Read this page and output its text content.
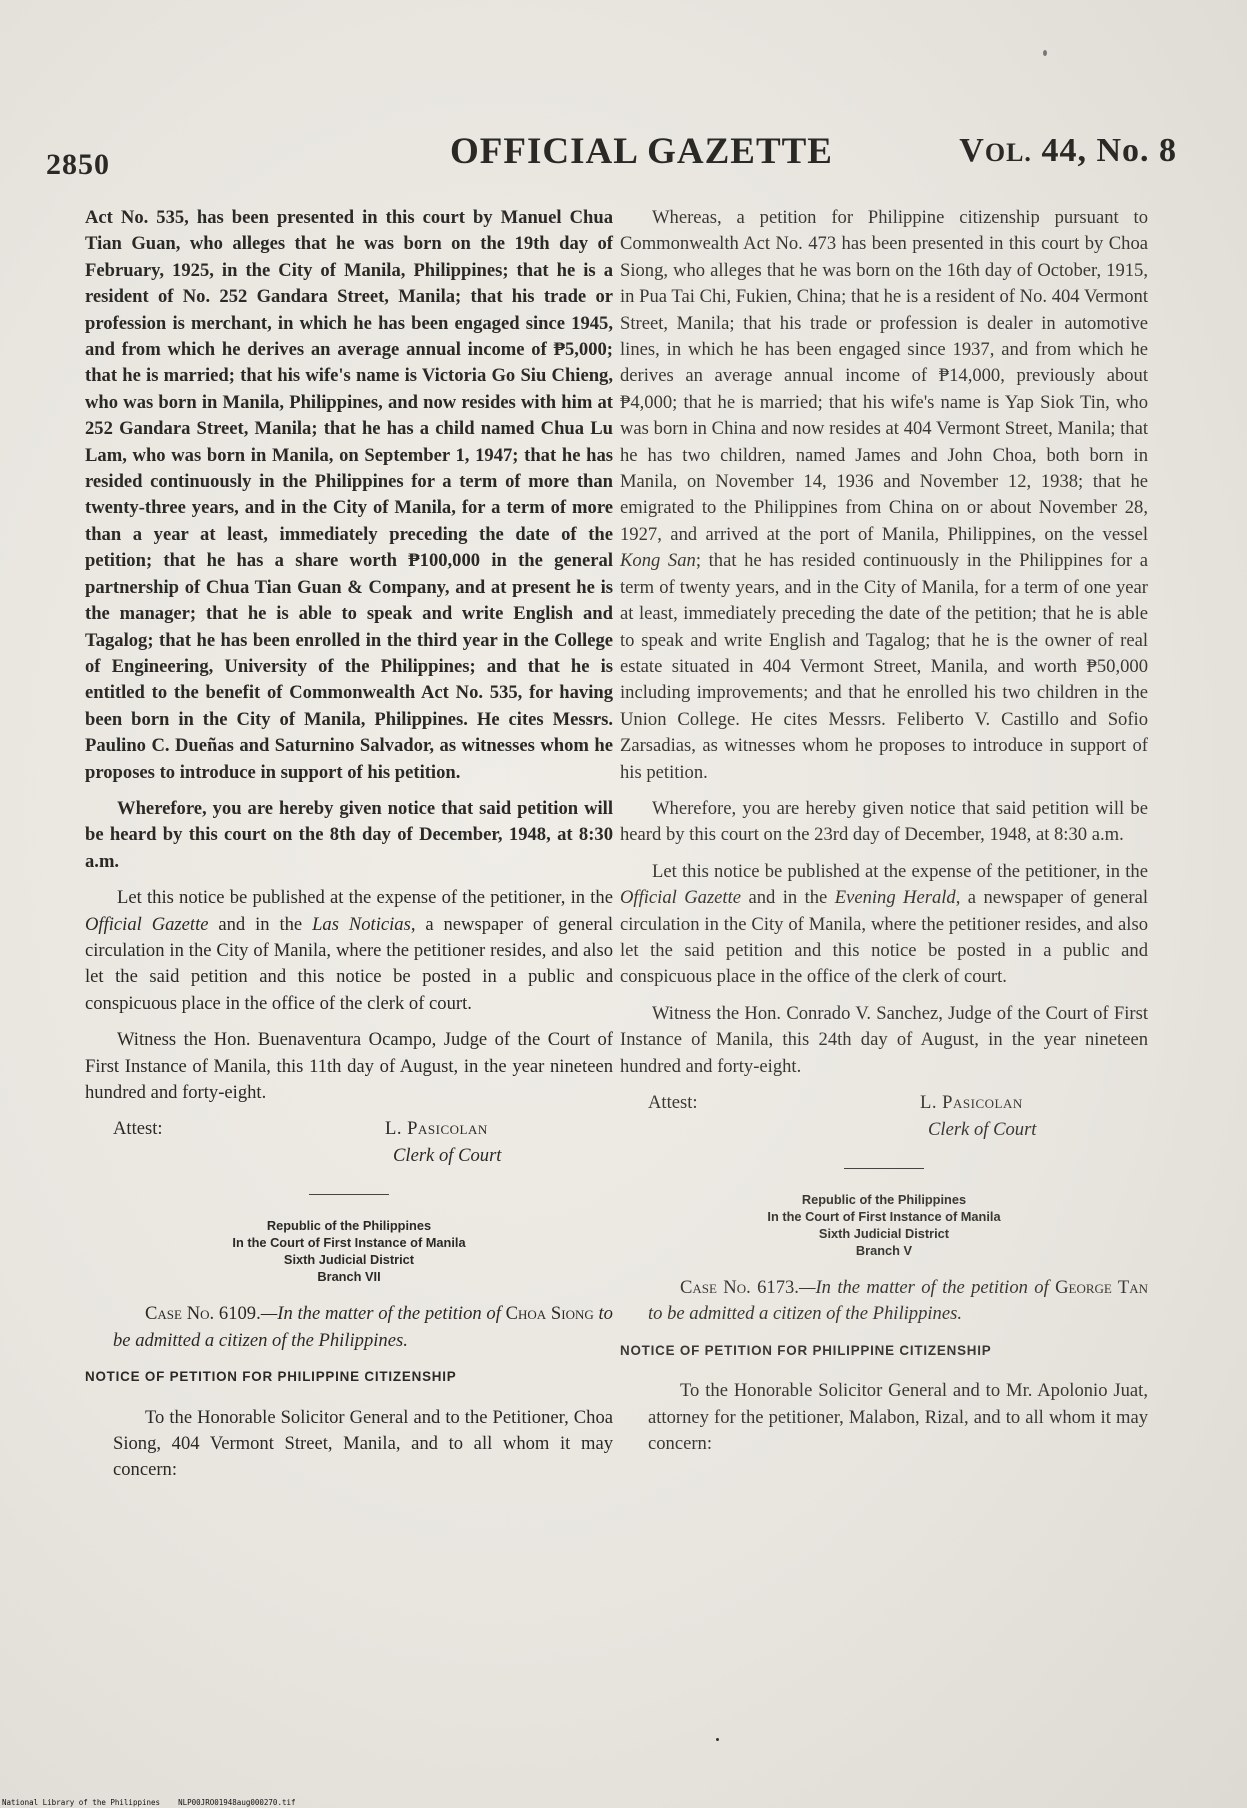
2850	OFFICIAL GAZETTE	VOL. 44, No. 8

Act No. 535, has been presented in this court by Manuel Chua Tian Guan, who alleges that he was born on the 19th day of February, 1925, in the City of Manila, Philippines; that he is a resident of No. 252 Gandara Street, Manila; that his trade or profession is merchant, in which he has been engaged since 1945, and from which he derives an average annual income of ₱5,000; that he is married; that his wife's name is Victoria Go Siu Chieng, who was born in Manila, Philippines, and now resides with him at 252 Gandara Street, Manila; that he has a child named Chua Lu Lam, who was born in Manila, on September 1, 1947; that he has resided continuously in the Philippines for a term of more than twenty-three years, and in the City of Manila, for a term of more than a year at least, immediately preceding the date of the petition; that he has a share worth ₱100,000 in the general partnership of Chua Tian Guan & Company, and at present he is the manager; that he is able to speak and write English and Tagalog; that he has been enrolled in the third year in the College of Engineering, University of the Philippines; and that he is entitled to the benefit of Commonwealth Act No. 535, for having been born in the City of Manila, Philippines. He cites Messrs. Paulino C. Dueñas and Saturnino Salvador, as witnesses whom he proposes to introduce in support of his petition.

Wherefore, you are hereby given notice that said petition will be heard by this court on the 8th day of December, 1948, at 8:30 a.m.

Let this notice be published at the expense of the petitioner, in the Official Gazette and in the Las Noticias, a newspaper of general circulation in the City of Manila, where the petitioner resides, and also let the said petition and this notice be posted in a public and conspicuous place in the office of the clerk of court.

Witness the Hon. Buenaventura Ocampo, Judge of the Court of First Instance of Manila, this 11th day of August, in the year nineteen hundred and forty-eight.

Attest:	L. Pasicolan
Clerk of Court
Republic of the Philippines
In the Court of First Instance of Manila
Sixth Judicial District
Branch VII

Case No. 6109.—In the matter of the petition of Choa Siong to be admitted a citizen of the Philippines.

NOTICE OF PETITION FOR PHILIPPINE CITIZENSHIP

To the Honorable Solicitor General and to the Petitioner, Choa Siong, 404 Vermont Street, Manila, and to all whom it may concern:

Whereas, a petition for Philippine citizenship pursuant to Commonwealth Act No. 473 has been presented in this court by Choa Siong, who alleges that he was born on the 16th day of October, 1915, in Pua Tai Chi, Fukien, China; that he is a resident of No. 404 Vermont Street, Manila; that his trade or profession is dealer in automotive lines, in which he has been engaged since 1937, and from which he derives an average annual income of ₱14,000, previously about ₱4,000; that he is married; that his wife's name is Yap Siok Tin, who was born in China and now resides at 404 Vermont Street, Manila; that he has two children, named James and John Choa, both born in Manila, on November 14, 1936 and November 12, 1938; that he emigrated to the Philippines from China on or about November 28, 1927, and arrived at the port of Manila, Philippines, on the vessel Kong San; that he has resided continuously in the Philippines for a term of twenty years, and in the City of Manila, for a term of one year at least, immediately preceding the date of the petition; that he is able to speak and write English and Tagalog; that he is the owner of real estate situated in 404 Vermont Street, Manila, and worth ₱50,000 including improvements; and that he enrolled his two children in the Union College. He cites Messrs. Feliberto V. Castillo and Sofio Zarsadias, as witnesses whom he proposes to introduce in support of his petition.

Wherefore, you are hereby given notice that said petition will be heard by this court on the 23rd day of December, 1948, at 8:30 a.m.

Let this notice be published at the expense of the petitioner, in the Official Gazette and in the Evening Herald, a newspaper of general circulation in the City of Manila, where the petitioner resides, and also let the said petition and this notice be posted in a public and conspicuous place in the office of the clerk of court.

Witness the Hon. Conrado V. Sanchez, Judge of the Court of First Instance of Manila, this 24th day of August, in the year nineteen hundred and forty-eight.

Attest:	L. Pasicolan
Clerk of Court
Republic of the Philippines
In the Court of First Instance of Manila
Sixth Judicial District
Branch V

Case No. 6173.—In the matter of the petition of George Tan to be admitted a citizen of the Philippines.

NOTICE OF PETITION FOR PHILIPPINE CITIZENSHIP

To the Honorable Solicitor General and to Mr. Apolonio Juat, attorney for the petitioner, Malabon, Rizal, and to all whom it may concern:

National Library of the Philippines NLP00JRO01948aug000270.tif
